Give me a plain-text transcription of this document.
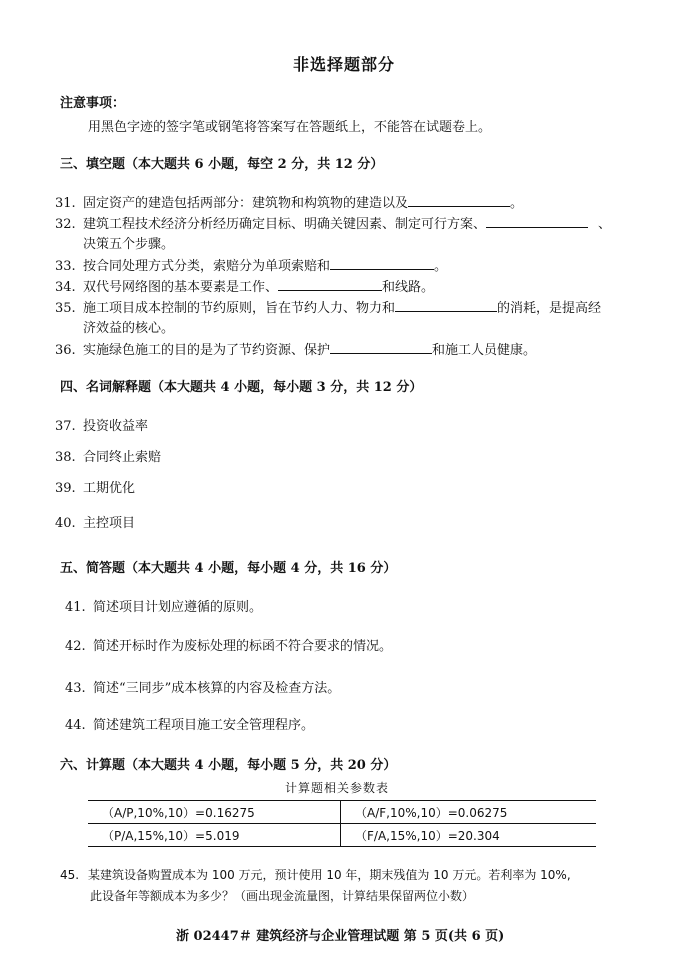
非选择题部分
注意事项：
用黑色字迹的签字笔或钢笔将答案写在答题纸上，不能答在试题卷上。
三、填空题（本大题共 6 小题，每空 2 分，共 12 分）
31. 固定资产的建造包括两部分：建筑物和构筑物的建造以及	。
32. 建筑工程技术经济分析经历确定目标、明确关键因素、制定可行方案、	、
决策五个步骤。
33. 按合同处理方式分类，索赔分为单项索赔和	。
34. 双代号网络图的基本要素是工作、	和线路。
35. 施工项目成本控制的节约原则，旨在节约人力、物力和	的消耗，是提高经
济效益的核心。
36. 实施绿色施工的目的是为了节约资源、保护	和施工人员健康。
四、名词解释题（本大题共 4 小题，每小题 3 分，共 12 分）
37. 投资收益率
38. 合同终止索赔
39. 工期优化
40. 主控项目
五、简答题（本大题共 4 小题，每小题 4 分，共 16 分）
41. 简述项目计划应遵循的原则。
42. 简述开标时作为废标处理的标函不符合要求的情况。
43. 简述“三同步”成本核算的内容及检查方法。
44. 简述建筑工程项目施工安全管理程序。
六、计算题（本大题共 4 小题，每小题 5 分，共 20 分）
计算题相关参数表
（A/P,10%,10）=0.16275	（A/F,10%,10）=0.06275
（P/A,15%,10）=5.019	（F/A,15%,10）=20.304
45. 某建筑设备购置成本为 100 万元，预计使用 10 年，期末残值为 10 万元。若利率为 10%,
此设备年等额成本为多少？（画出现金流量图，计算结果保留两位小数）
浙 02447＃ 建筑经济与企业管理试题 第 5 页(共 6 页)
